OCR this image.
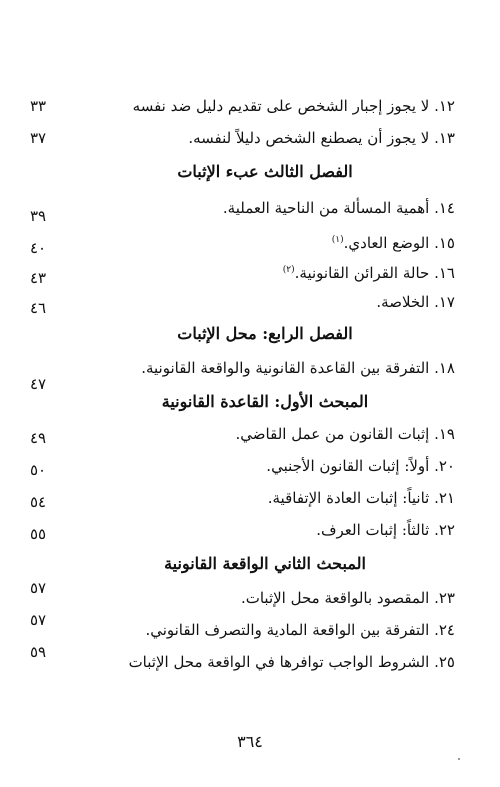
١٢. لا يجوز إجبار الشخص على تقديم دليل ضد نفسه
٣٣
١٣. لا يجوز أن يصطنع الشخص دليلاً لنفسه.
٣٧
الفصل الثالث عبء الإثبات
١٤. أهمية المسألة من الناحية العملية.
٣٩
١٥. الوضع العادي.$^{(١)}$
٤٠
١٦. حالة القرائن القانونية.$^{(٢)}$
٤٣
١٧. الخلاصة.
٤٦
الفصل الرابع: محل الإثبات
١٨. التفرقة بين القاعدة القانونية والواقعة القانونية.
٤٧
المبحث الأول: القاعدة القانونية
١٩. إثبات القانون من عمل القاضي.
٤٩
٢٠. أولاً: إثبات القانون الأجنبي.
٥٠
٢١. ثانياً: إثبات العادة الإتفاقية.
٥٤
٢٢. ثالثاً: إثبات العرف.
٥٥
المبحث الثاني الواقعة القانونية
٢٣. المقصود بالواقعة محل الإثبات.
٥٧
٢٤. التفرقة بين الواقعة المادية والتصرف القانوني.
٥٧
٢٥. الشروط الواجب توافرها في الواقعة محل الإثبات
٥٩
٣٦٤
